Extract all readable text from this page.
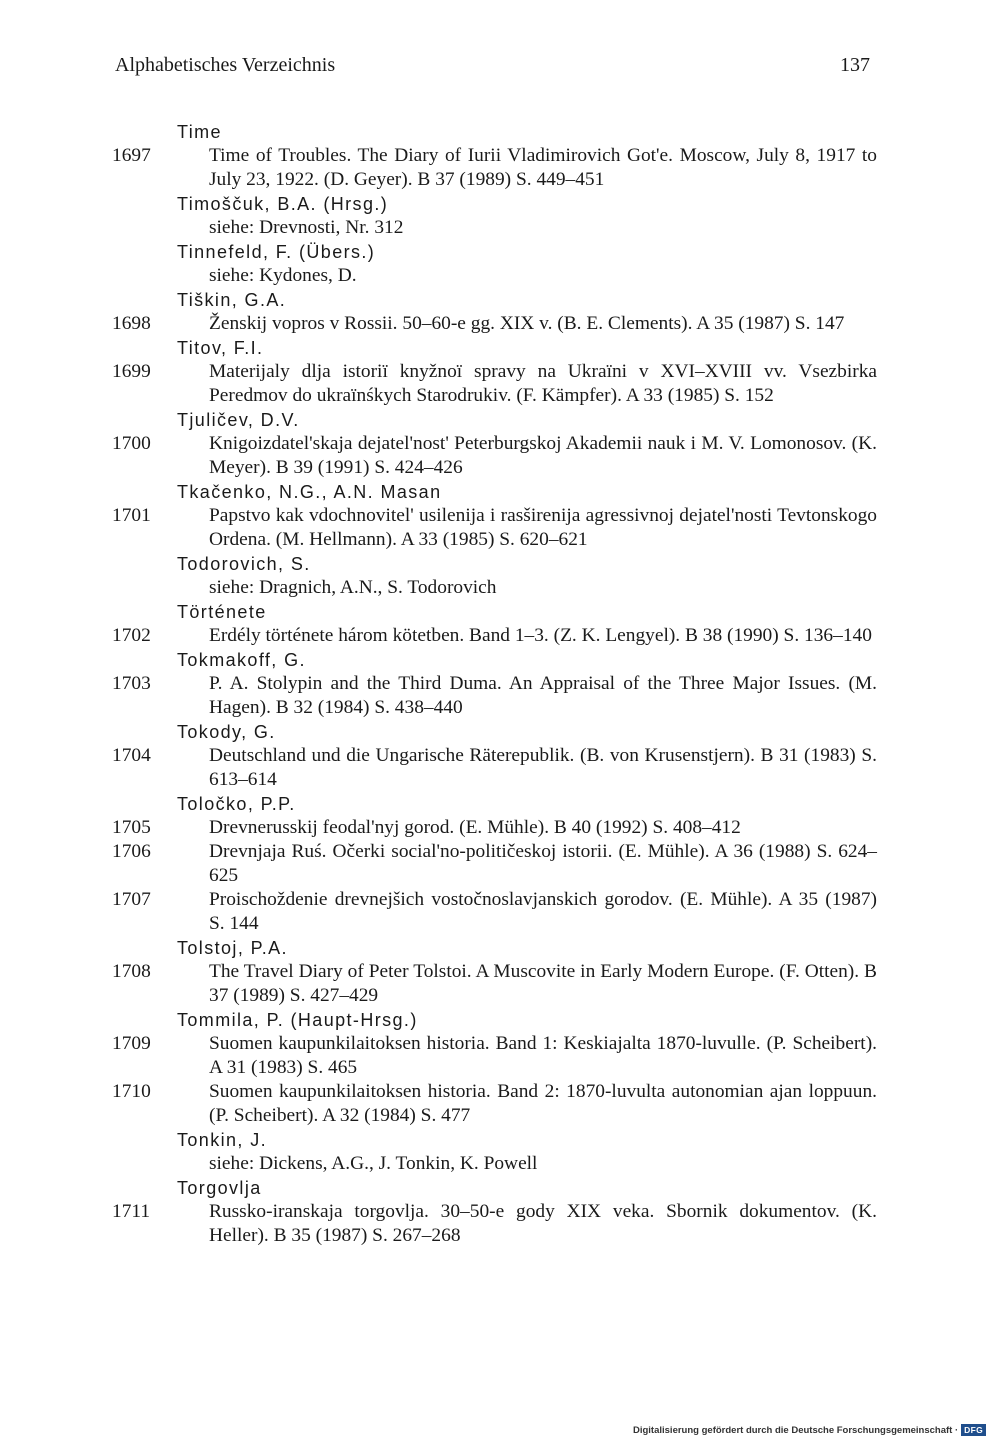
Alphabetisches Verzeichnis	137
Time
1697	Time of Troubles. The Diary of Iurii Vladimirovich Got'e. Moscow, July 8, 1917 to July 23, 1922. (D. Geyer). B 37 (1989) S. 449–451
Timoščuk, B.A. (Hrsg.)
siehe: Drevnosti, Nr. 312
Tinnefeld, F. (Übers.)
siehe: Kydones, D.
Tiškin, G.A.
1698	Ženskij vopros v Rossii. 50–60-e gg. XIX v. (B. E. Clements). A 35 (1987) S. 147
Titov, F.I.
1699	Materijaly dlja istoriï knyžnoï spravy na Ukraïni v XVI–XVIII vv. Vsezbirka Peredmov do ukraïnśkych Starodrukiv. (F. Kämpfer). A 33 (1985) S. 152
Tjuličev, D.V.
1700	Knigoizdatel'skaja dejatel'nost' Peterburgskoj Akademii nauk i M. V. Lomonosov. (K. Meyer). B 39 (1991) S. 424–426
Tkačenko, N.G., A.N. Masan
1701	Papstvo kak vdochnovitel' usilenija i rasširenija agressivnoj dejatel'nosti Tevtonskogo Ordena. (M. Hellmann). A 33 (1985) S. 620–621
Todorovich, S.
siehe: Dragnich, A.N., S. Todorovich
Története
1702	Erdély története három kötetben. Band 1–3. (Z. K. Lengyel). B 38 (1990) S. 136–140
Tokmakoff, G.
1703	P. A. Stolypin and the Third Duma. An Appraisal of the Three Major Issues. (M. Hagen). B 32 (1984) S. 438–440
Tokody, G.
1704	Deutschland und die Ungarische Räterepublik. (B. von Krusenstjern). B 31 (1983) S. 613–614
Toločko, P.P.
1705	Drevnerusskij feodal'nyj gorod. (E. Mühle). B 40 (1992) S. 408–412
1706	Drevnjaja Ruś. Očerki social'no-političeskoj istorii. (E. Mühle). A 36 (1988) S. 624–625
1707	Proischoždenie drevnejšich vostočnoslavjanskich gorodov. (E. Mühle). A 35 (1987) S. 144
Tolstoj, P.A.
1708	The Travel Diary of Peter Tolstoi. A Muscovite in Early Modern Europe. (F. Otten). B 37 (1989) S. 427–429
Tommila, P. (Haupt-Hrsg.)
1709	Suomen kaupunkilaitoksen historia. Band 1: Keskiajalta 1870-luvulle. (P. Scheibert). A 31 (1983) S. 465
1710	Suomen kaupunkilaitoksen historia. Band 2: 1870-luvulta autonomian ajan loppuun. (P. Scheibert). A 32 (1984) S. 477
Tonkin, J.
siehe: Dickens, A.G., J. Tonkin, K. Powell
Torgovlja
1711	Russko-iranskaja torgovlja. 30–50-e gody XIX veka. Sbornik dokumentov. (K. Heller). B 35 (1987) S. 267–268
Digitalisierung gefördert durch die Deutsche Forschungsgemeinschaft · DFG
